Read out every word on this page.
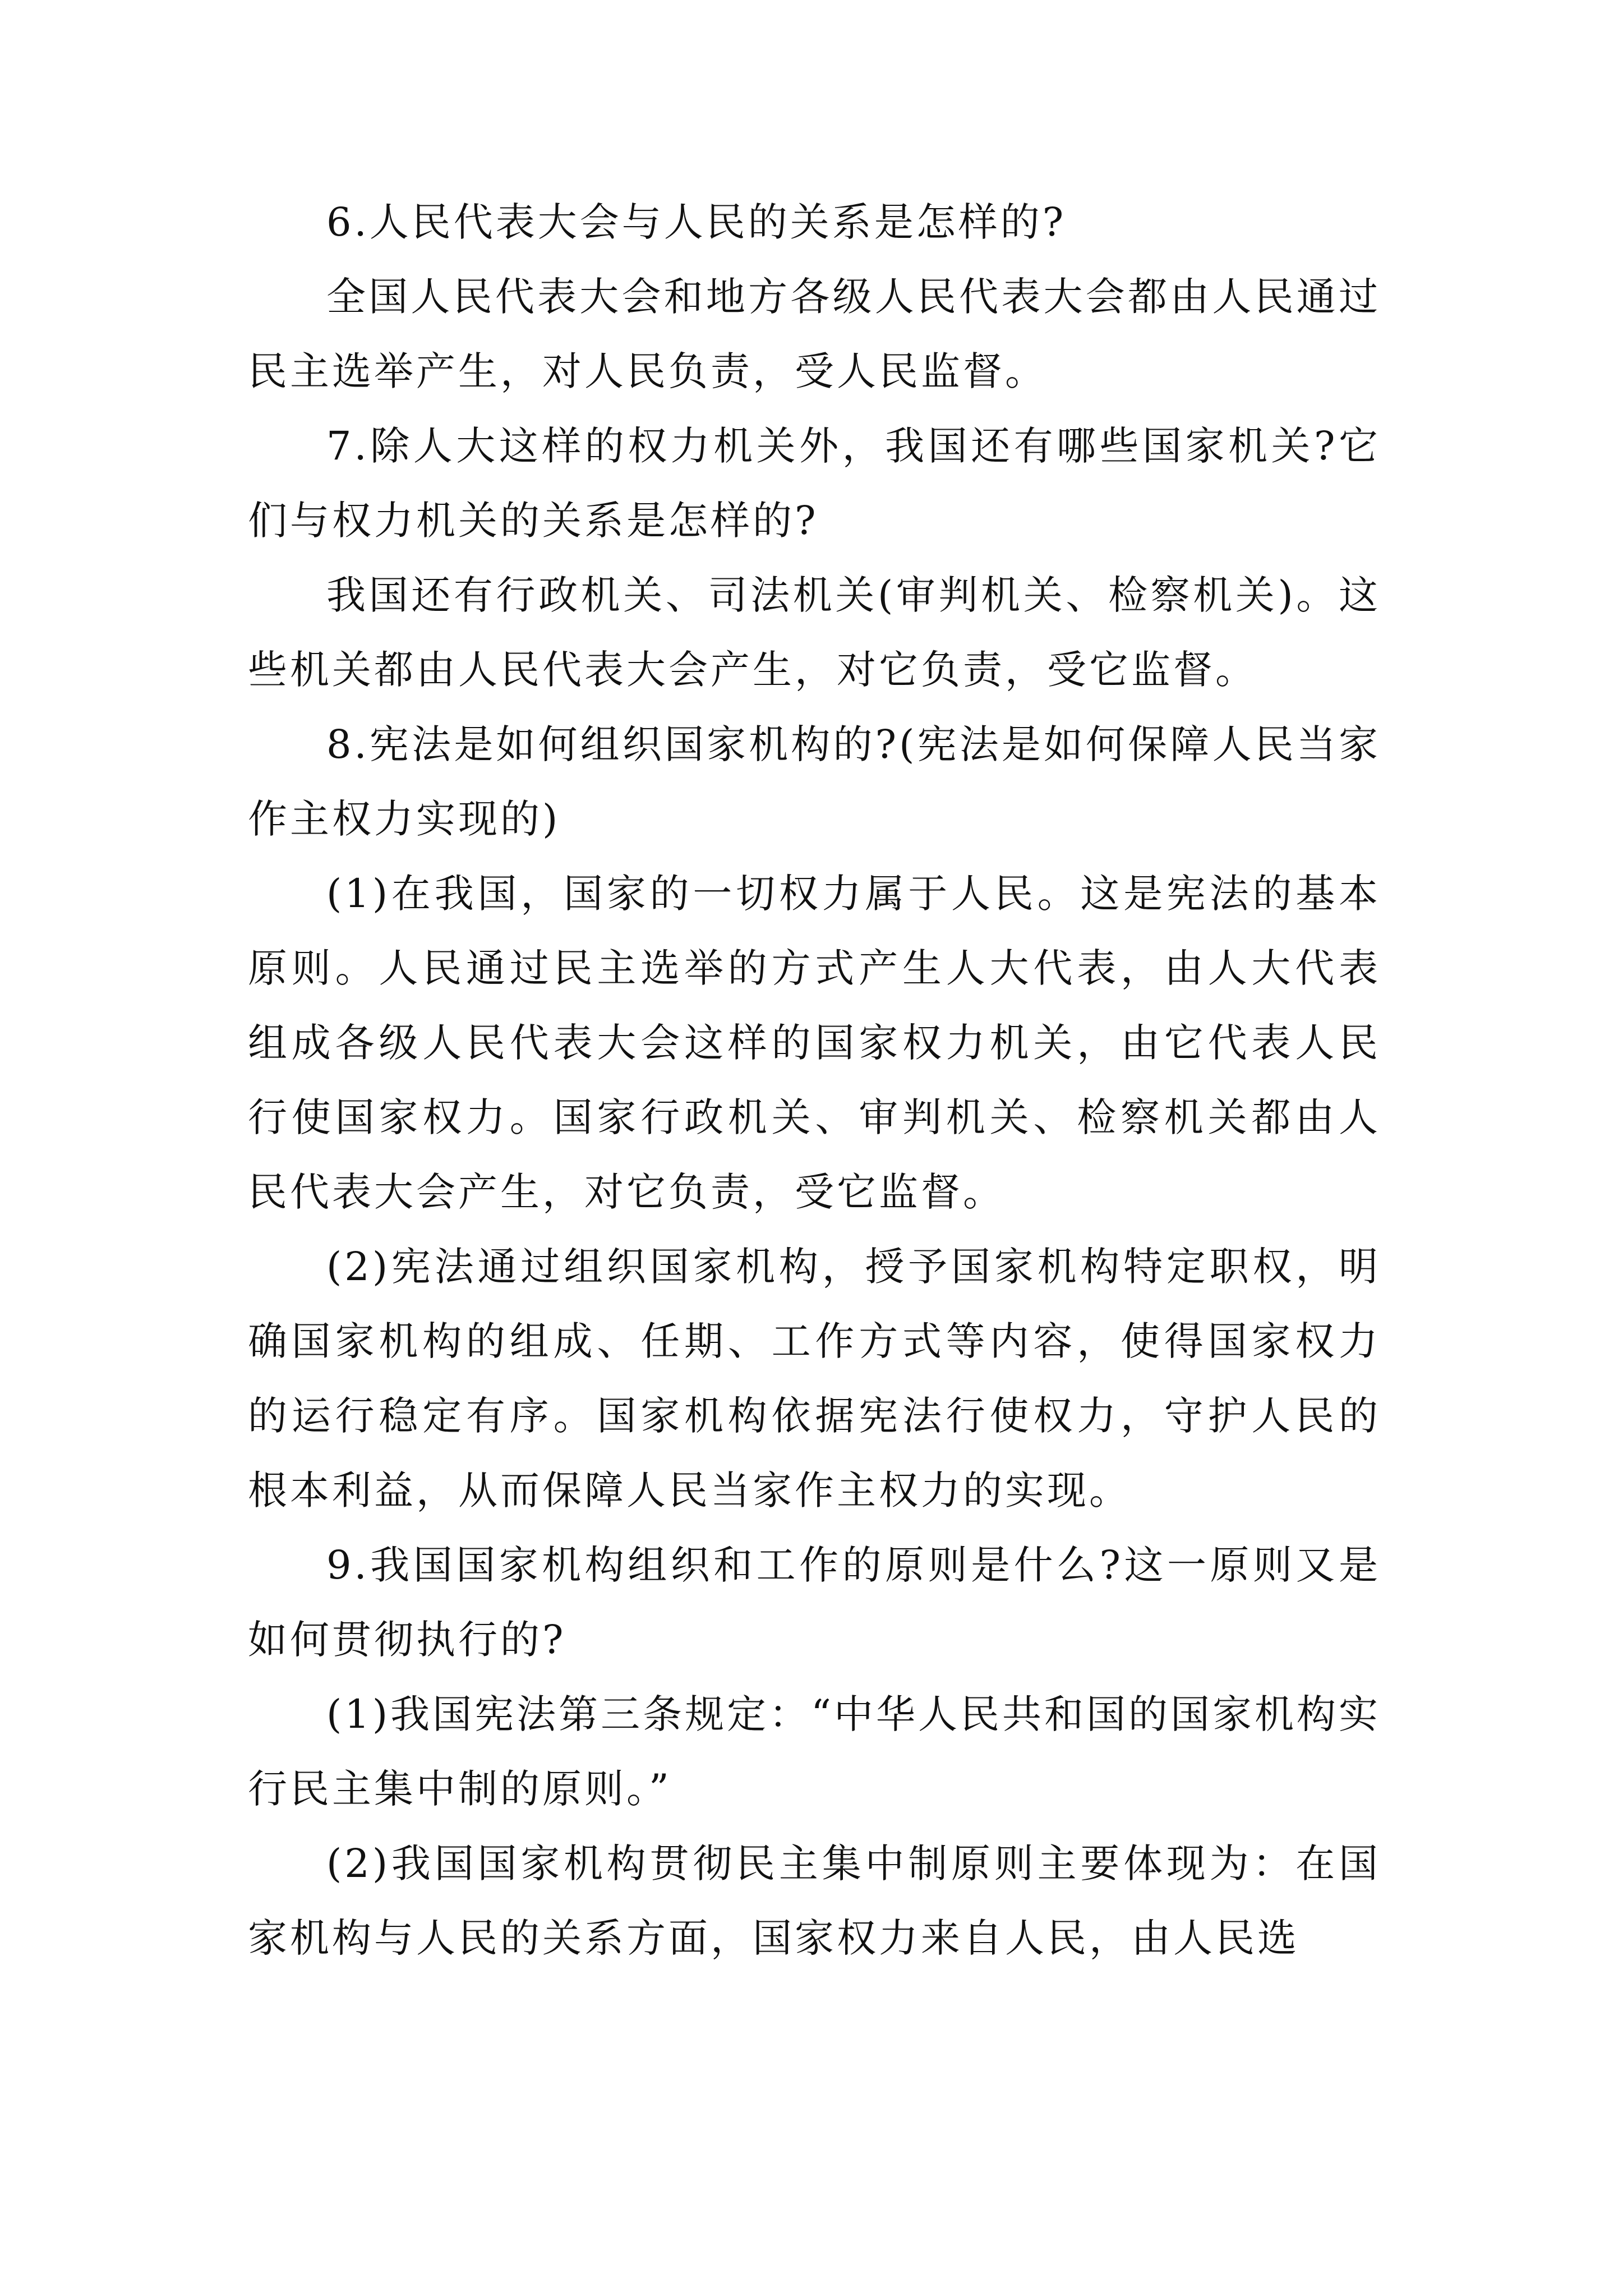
6.人民代表大会与人民的关系是怎样的?

全国人民代表大会和地方各级人民代表大会都由人民通过民主选举产生，对人民负责，受人民监督。

7.除人大这样的权力机关外，我国还有哪些国家机关?它们与权力机关的关系是怎样的?

我国还有行政机关、司法机关(审判机关、检察机关)。这些机关都由人民代表大会产生，对它负责，受它监督。

8.宪法是如何组织国家机构的?(宪法是如何保障人民当家作主权力实现的)

(1)在我国，国家的一切权力属于人民。这是宪法的基本原则。人民通过民主选举的方式产生人大代表，由人大代表组成各级人民代表大会这样的国家权力机关，由它代表人民行使国家权力。国家行政机关、审判机关、检察机关都由人民代表大会产生，对它负责，受它监督。

(2)宪法通过组织国家机构，授予国家机构特定职权，明确国家机构的组成、任期、工作方式等内容，使得国家权力的运行稳定有序。国家机构依据宪法行使权力，守护人民的根本利益，从而保障人民当家作主权力的实现。

9.我国国家机构组织和工作的原则是什么?这一原则又是如何贯彻执行的?

(1)我国宪法第三条规定：“中华人民共和国的国家机构实行民主集中制的原则。”

(2)我国国家机构贯彻民主集中制原则主要体现为：在国家机构与人民的关系方面，国家权力来自人民，由人民选
